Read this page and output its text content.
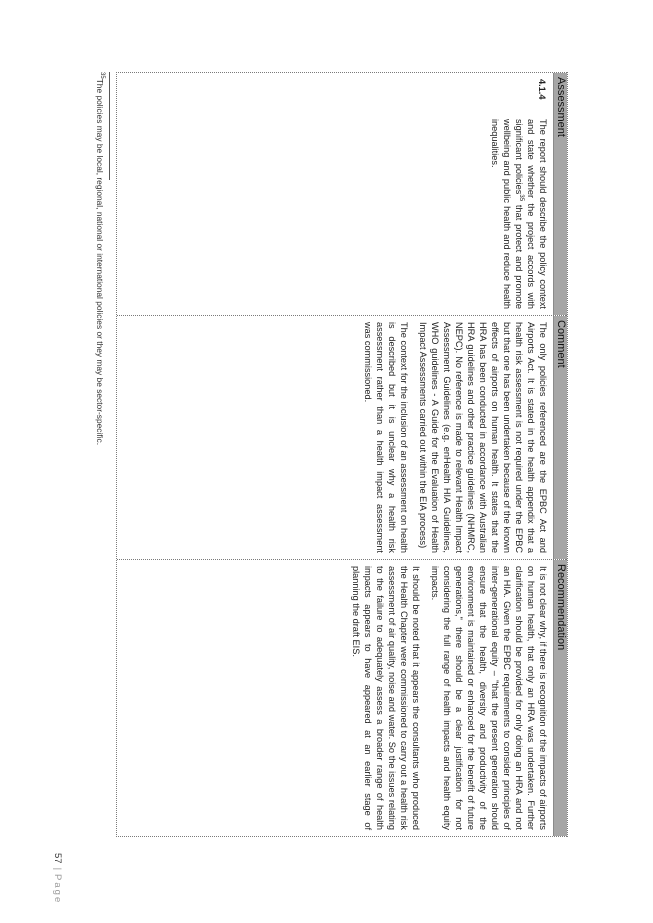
Assessment
4.1.4
The report should describe the policy context and state whether the project accords with significant policies$^{35}$ that protect and promote wellbeing and public health and reduce health inequalities.
Comment

The only policies referenced are the EPBC Act and Airports Act. It is stated in the health appendix that a health risk assessment is not required under the EPBC but that one has been undertaken because of the known effects of airports on human health. It states that the HRA has been conducted in accordance with Australian HRA guidelines and other practice guidelines (NHMRC, NEPC). No reference is made to relevant Health Impact Assessment Guidelines (e.g. enHealth HIA Guidelines, WHO guidelines - A Guide for the Evaluation of Health Impact Assessments carried out within the EIA process)

The context for the inclusion of an assessment on health is described but it is unclear why a health risk assessment rather than a health impact assessment was commissioned.

Recommendation

It is not clear why, if there is recognition of the impacts of airports on human health, that only an HRA was undertaken. Further clarification should be provided for only doing an HRA and not an HIA. Given the EPBC requirements to consider principles of inter-generational equity – "that the present generation should ensure that the health, diversity and productivity of the environment is maintained or enhanced for the benefit of future generations," there should be a clear justification for not considering the full range of health impacts and health equity impacts.

It should be noted that it appears the consultants who produced the Health Chapter were commissioned to carry out a health risk assessment of air quality, noise and water. So the issues relating to the failure to adequately assess a broader range of health impacts appears to have appeared at an earlier stage of planning the draft EIS.

$^{35}$The policies may be local, regional, national or international policies or they may be sector-specific.
57|Page
